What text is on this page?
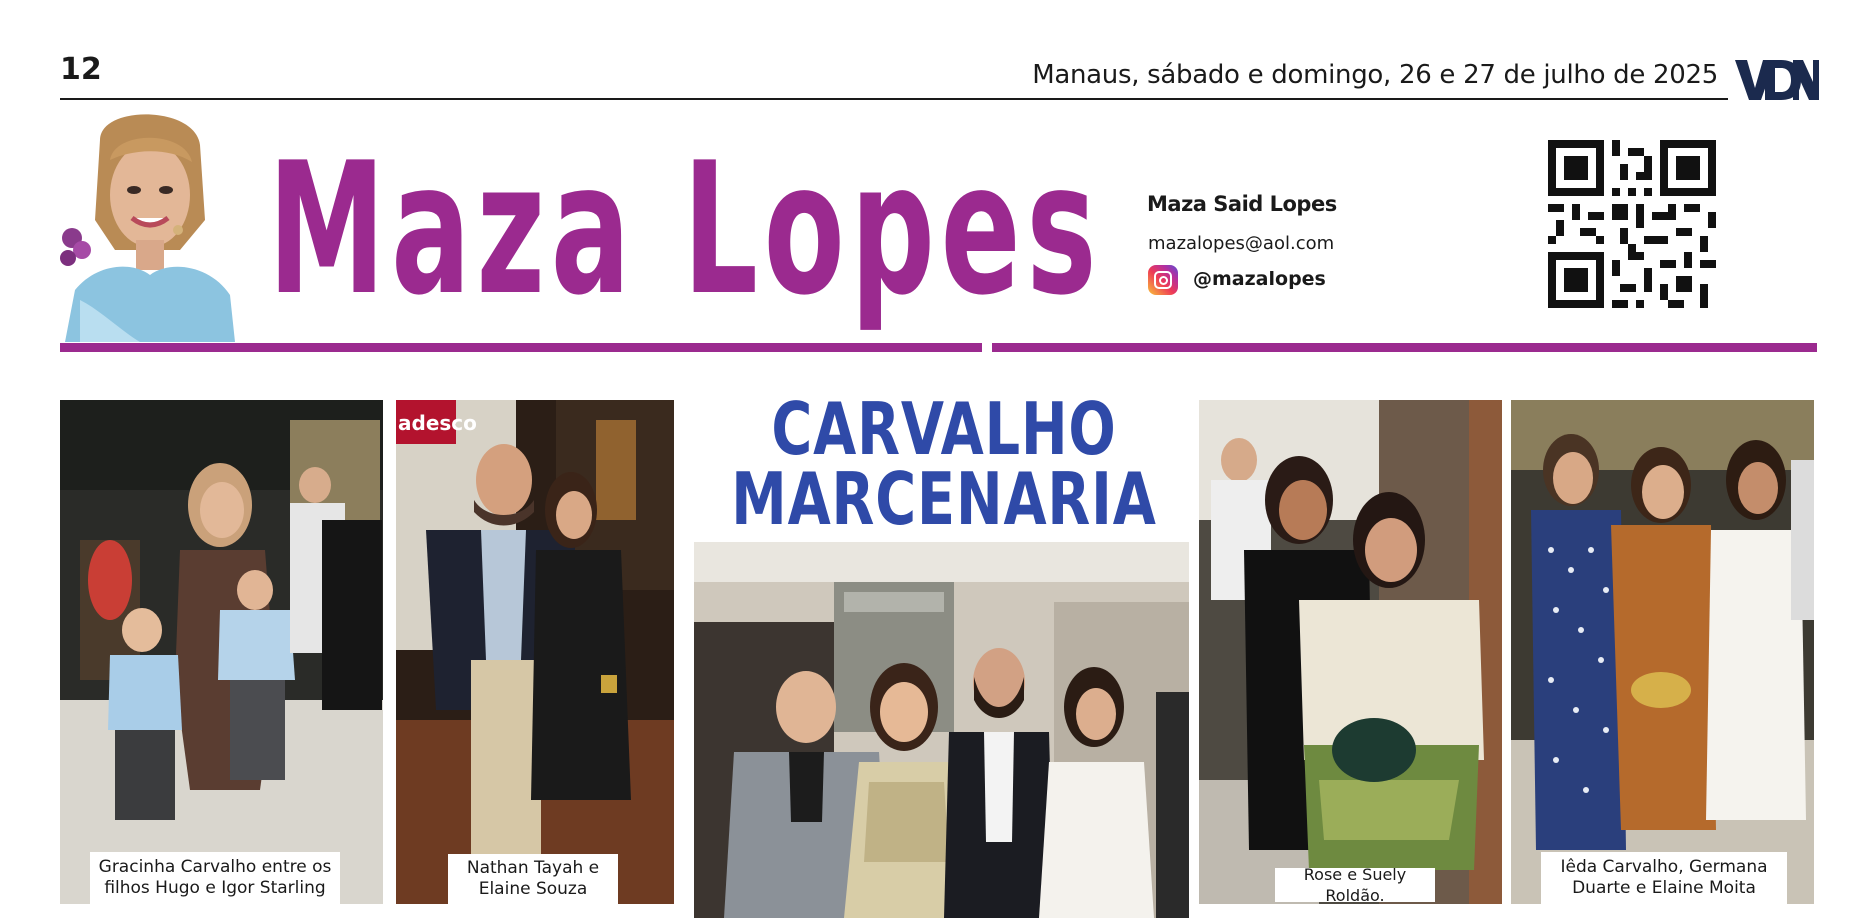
12	Manaus, sábado e domingo, 26 e 27 de julho de 2025
VDN
Maza Lopes Maza Said Lopes
mazalopes@aol.com
@mazalopes
Gracinha Carvalho entre os
filhos Hugo e Igor Starling
adesco
Nathan Tayah e
Elaine Souza
CARVALHO
MARCENARIA
Rose e Suely Roldão.
Iêda Carvalho, Germana
Duarte e Elaine Moita
